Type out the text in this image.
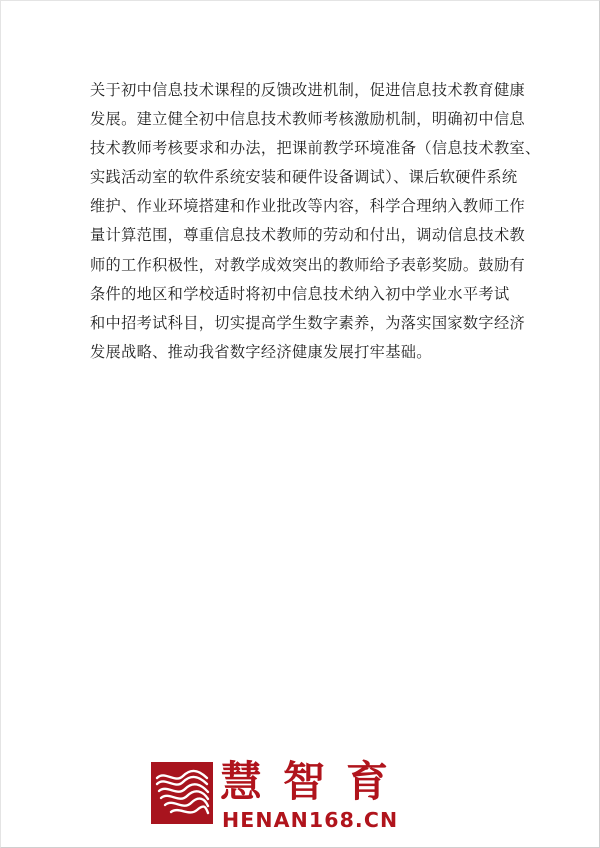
关于初中信息技术课程的反馈改进机制，促进信息技术教育健康
发展。建立健全初中信息技术教师考核激励机制，明确初中信息
技术教师考核要求和办法，把课前教学环境准备（信息技术教室、
实践活动室的软件系统安装和硬件设备调试）、课后软硬件系统
维护、作业环境搭建和作业批改等内容，科学合理纳入教师工作
量计算范围，尊重信息技术教师的劳动和付出，调动信息技术教
师的工作积极性，对教学成效突出的教师给予表彰奖励。鼓励有
条件的地区和学校适时将初中信息技术纳入初中学业水平考试
和中招考试科目，切实提高学生数字素养，为落实国家数字经济
发展战略、推动我省数字经济健康发展打牢基础。
慧智育
HENAN168.CN
